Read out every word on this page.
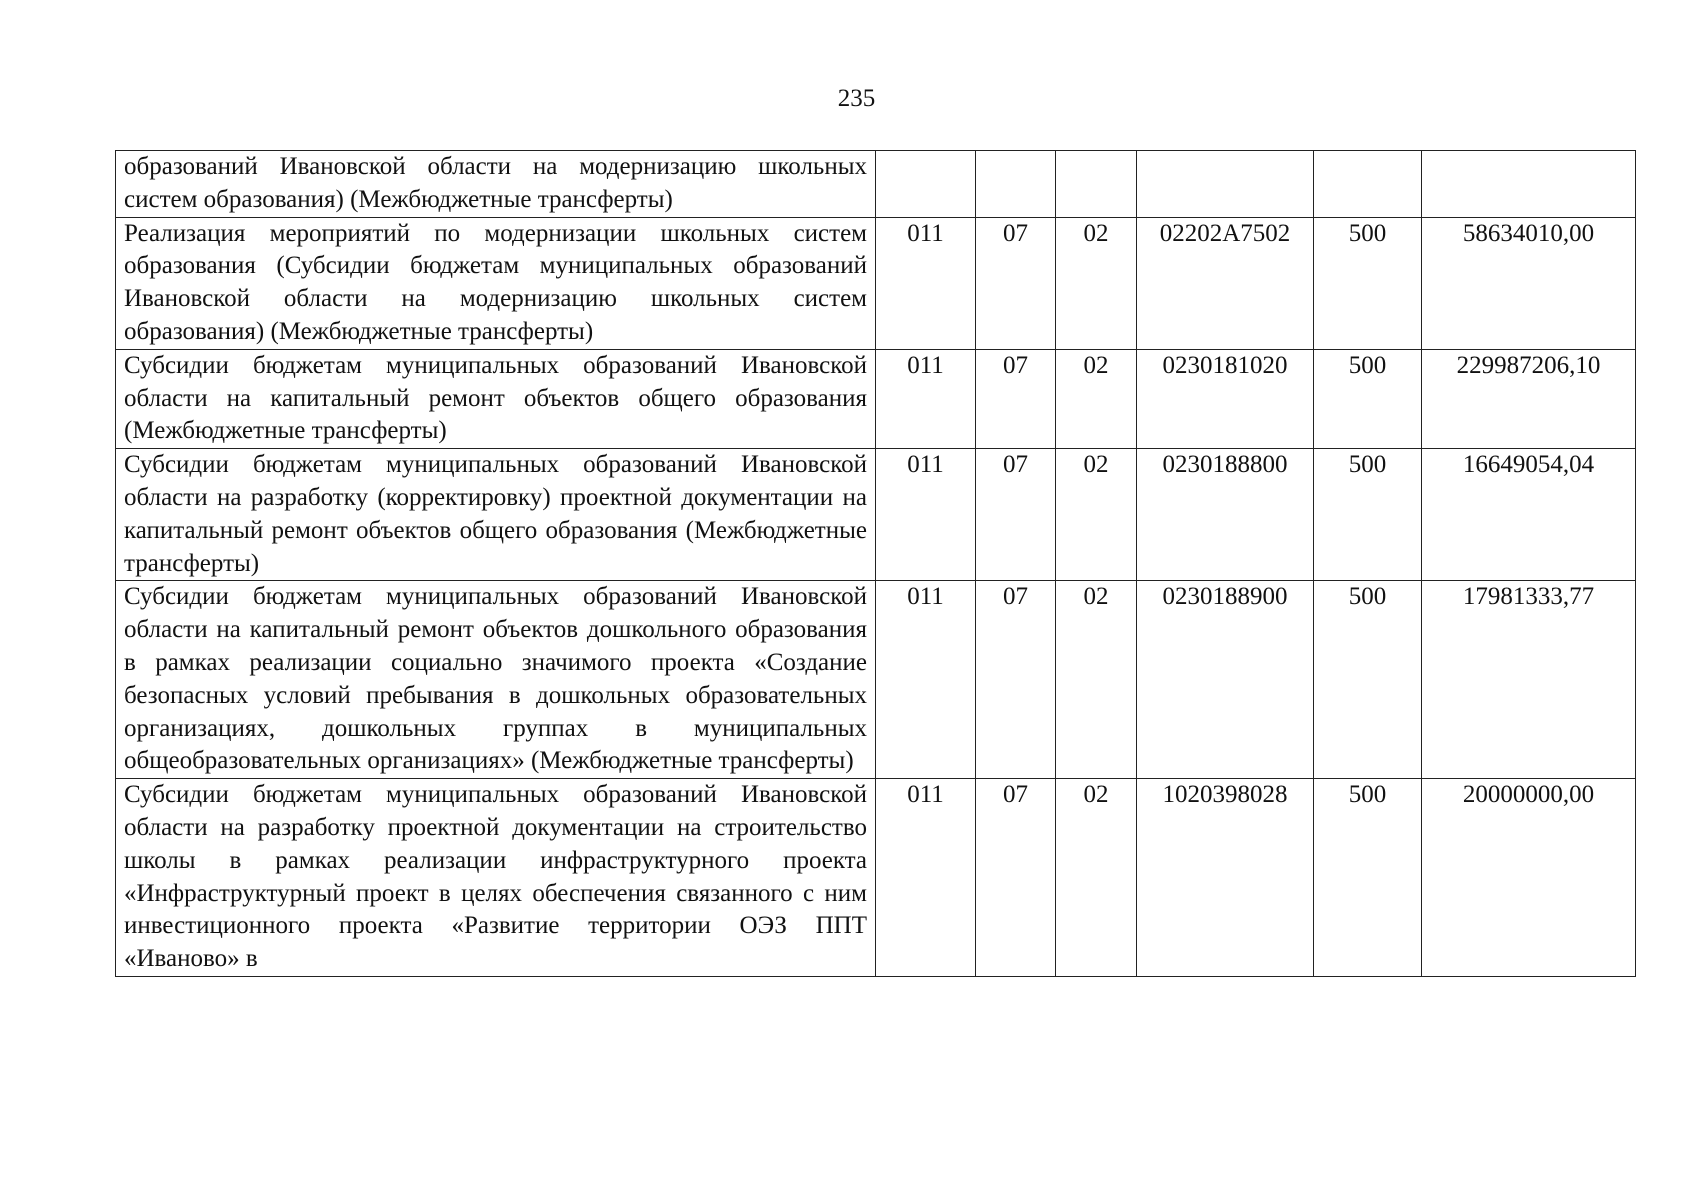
235
образований Ивановской области на модернизацию школьных систем образования) (Межбюджетные трансферты)						
Реализация мероприятий по модернизации школьных систем образования (Субсидии бюджетам муниципальных образований Ивановской области на модернизацию школьных систем образования) (Межбюджетные трансферты)	011	07	02	02202А7502	500	58634010,00
Субсидии бюджетам муниципальных образований Ивановской области на капитальный ремонт объектов общего образования (Межбюджетные трансферты)	011	07	02	0230181020	500	229987206,10
Субсидии бюджетам муниципальных образований Ивановской области на разработку (корректировку) проектной документации на капитальный ремонт объектов общего образования (Межбюджетные трансферты)	011	07	02	0230188800	500	16649054,04
Субсидии бюджетам муниципальных образований Ивановской области на капитальный ремонт объектов дошкольного образования в рамках реализации социально значимого проекта «Создание безопасных условий пребывания в дошкольных образовательных организациях, дошкольных группах в муниципальных общеобразовательных организациях» (Межбюджетные трансферты)	011	07	02	0230188900	500	17981333,77
Субсидии бюджетам муниципальных образований Ивановской области на разработку проектной документации на строительство школы в рамках реализации инфраструктурного проекта «Инфраструктурный проект в целях обеспечения связанного с ним инвестиционного проекта «Развитие территории ОЭЗ ППТ «Иваново» в	011	07	02	1020398028	500	20000000,00
